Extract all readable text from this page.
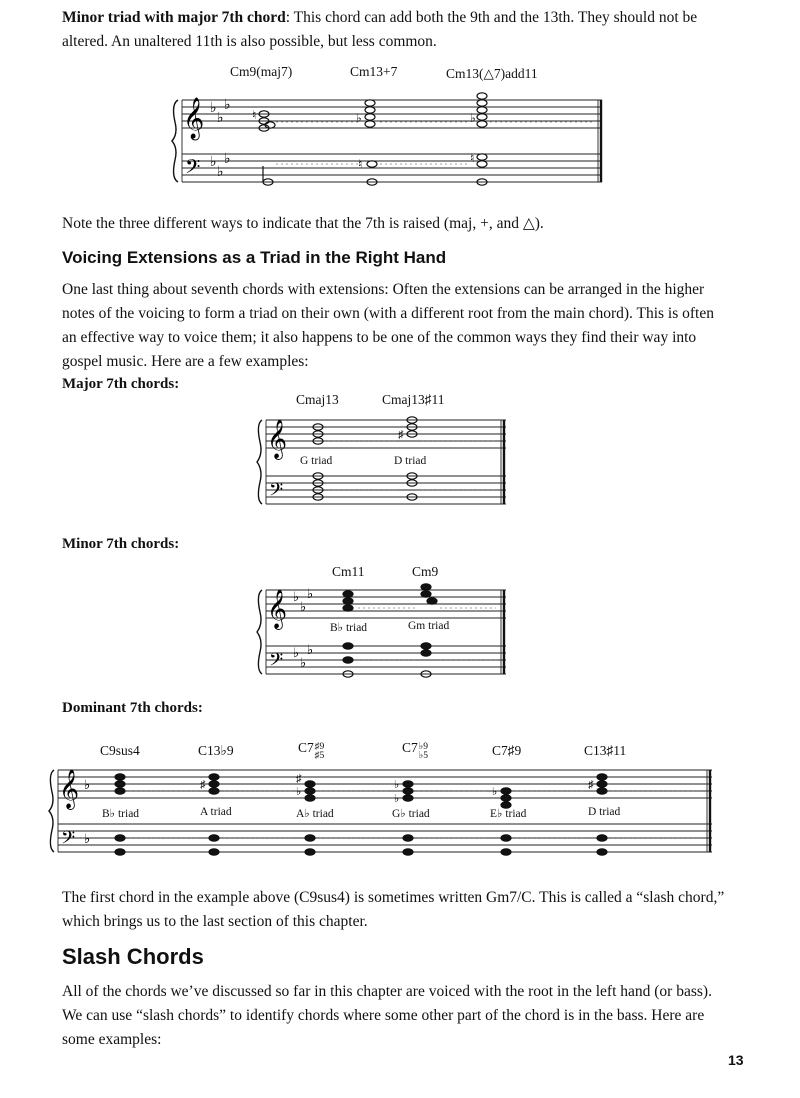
Minor triad with major 7th chord: This chord can add both the 9th and the 13th. They should not be
altered. An unaltered 11th is also possible, but less common.
Cm9(maj7)	Cm13+7	Cm13(△7)add11
𝄞
𝄢
♭
♭
♭
♭
♭
♭
♮	♭
♮
♭
♮
Note the three different ways to indicate that the 7th is raised (maj, +, and △).
Voicing Extensions as a Triad in the Right Hand
One last thing about seventh chords with extensions: Often the extensions can be arranged in the higher
notes of the voicing to form a triad on their own (with a different root from the main chord). This is often
an effective way to voice them; it also happens to be one of the common ways they find their way into
gospel music. Here are a few examples:
Major 7th chords:
Cmaj13	Cmaj13♯11
𝄞
𝄢
♯
G triad	D triad
Minor 7th chords:
Cm11	Cm9
𝄞
𝄢
♭
♭
♭
♭
♭
♭
B♭ triad	Gm triad
Dominant 7th chords:
C9sus4	C13♭9	C7 ♯9
♯5
C7 ♭9
♭5	C7♯9	C13♯11
𝄞
𝄢
♭
♭
♯	♯
♭
♭
♭
♭
♯
B♭ triad	A triad	A♭ triad	G♭ triad	E♭ triad	D triad
The first chord in the example above (C9sus4) is sometimes written Gm7/C. This is called a “slash chord,”
which brings us to the last section of this chapter.
Slash Chords
All of the chords we’ve discussed so far in this chapter are voiced with the root in the left hand (or bass).
We can use “slash chords” to identify chords where some other part of the chord is in the bass. Here are
some examples:
13
